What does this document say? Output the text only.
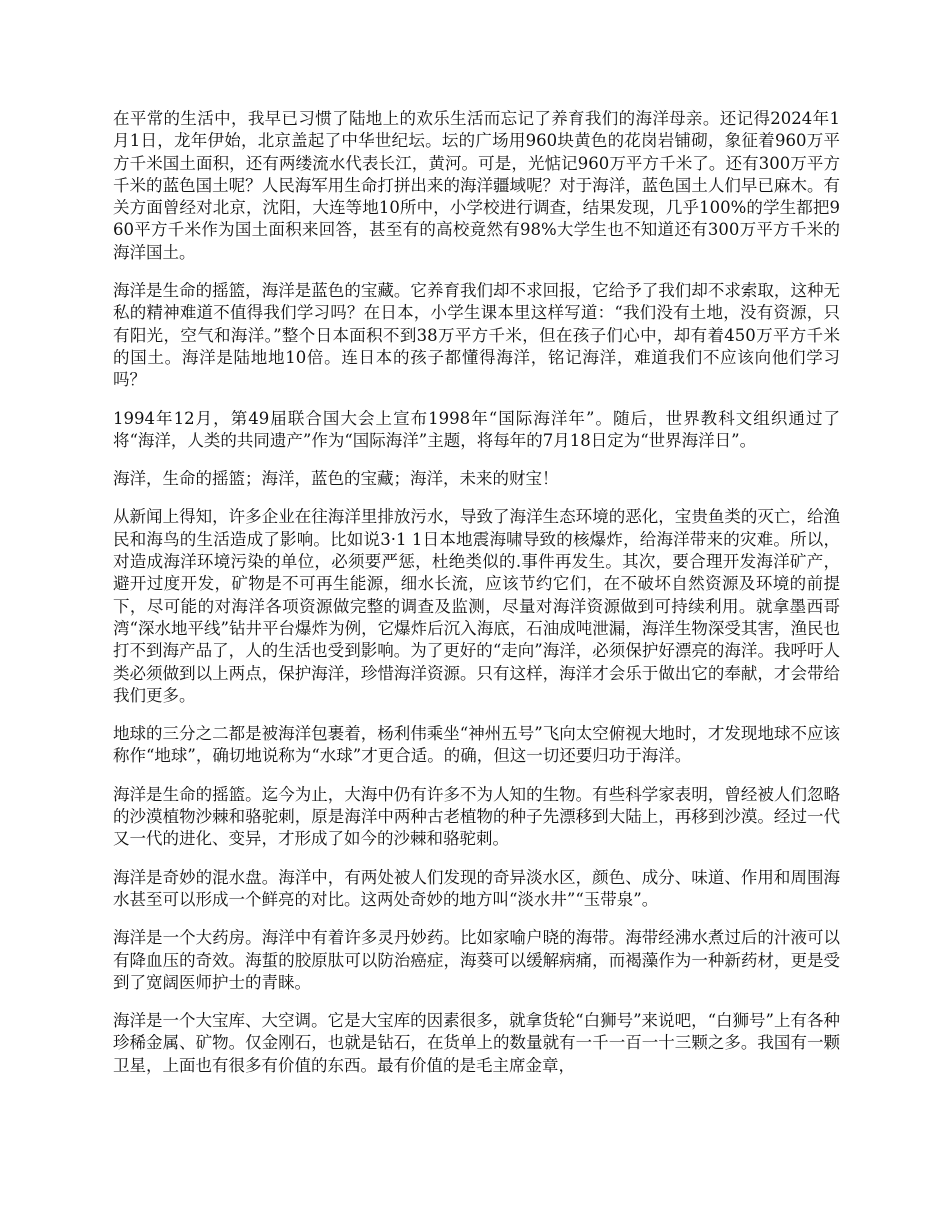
在平常的生活中，我早已习惯了陆地上的欢乐生活而忘记了养育我们的海洋母亲。还记得2024年1月1日，龙年伊始，北京盖起了中华世纪坛。坛的广场用960块黄色的花岗岩铺砌，象征着960万平方千米国土面积，还有两缕流水代表长江，黄河。可是，光惦记960万平方千米了。还有300万平方千米的蓝色国土呢？人民海军用生命打拼出来的海洋疆域呢？对于海洋，蓝色国土人们早已麻木。有关方面曾经对北京，沈阳，大连等地10所中，小学校进行调查，结果发现，几乎100%的学生都把960平方千米作为国土面积来回答，甚至有的高校竟然有98%大学生也不知道还有300万平方千米的海洋国土。

海洋是生命的摇篮，海洋是蓝色的宝藏。它养育我们却不求回报，它给予了我们却不求索取，这种无私的精神难道不值得我们学习吗？在日本，小学生课本里这样写道：“我们没有土地，没有资源，只有阳光，空气和海洋。”整个日本面积不到38万平方千米，但在孩子们心中，却有着450万平方千米的国土。海洋是陆地地10倍。连日本的孩子都懂得海洋，铭记海洋，难道我们不应该向他们学习吗？

1994年12月，第49届联合国大会上宣布1998年“国际海洋年”。随后，世界教科文组织通过了将“海洋，人类的共同遗产”作为“国际海洋”主题，将每年的7月18日定为“世界海洋日”。

海洋，生命的摇篮；海洋，蓝色的宝藏；海洋，未来的财宝！

从新闻上得知，许多企业在往海洋里排放污水，导致了海洋生态环境的恶化，宝贵鱼类的灭亡，给渔民和海鸟的生活造成了影响。比如说3·1 1日本地震海啸导致的核爆炸，给海洋带来的灾难。所以，对造成海洋环境污染的单位，必须要严惩，杜绝类似的.事件再发生。其次，要合理开发海洋矿产，避开过度开发，矿物是不可再生能源，细水长流，应该节约它们，在不破坏自然资源及环境的前提下，尽可能的对海洋各项资源做完整的调查及监测，尽量对海洋资源做到可持续利用。就拿墨西哥湾“深水地平线”钻井平台爆炸为例，它爆炸后沉入海底，石油成吨泄漏，海洋生物深受其害，渔民也打不到海产品了，人的生活也受到影响。为了更好的“走向”海洋，必须保护好漂亮的海洋。我呼吁人类必须做到以上两点，保护海洋，珍惜海洋资源。只有这样，海洋才会乐于做出它的奉献，才会带给我们更多。

地球的三分之二都是被海洋包裹着，杨利伟乘坐“神州五号”飞向太空俯视大地时，才发现地球不应该称作“地球”，确切地说称为“水球”才更合适。的确，但这一切还要归功于海洋。

海洋是生命的摇篮。迄今为止，大海中仍有许多不为人知的生物。有些科学家表明，曾经被人们忽略的沙漠植物沙棘和骆驼刺，原是海洋中两种古老植物的种子先漂移到大陆上，再移到沙漠。经过一代又一代的进化、变异，才形成了如今的沙棘和骆驼刺。

海洋是奇妙的混水盘。海洋中，有两处被人们发现的奇异淡水区，颜色、成分、味道、作用和周围海水甚至可以形成一个鲜亮的对比。这两处奇妙的地方叫“淡水井”“玉带泉”。

海洋是一个大药房。海洋中有着许多灵丹妙药。比如家喻户晓的海带。海带经沸水煮过后的汁液可以有降血压的奇效。海蜇的胶原肽可以防治癌症，海葵可以缓解病痛，而褐藻作为一种新药材，更是受到了宽阔医师护士的青睐。

海洋是一个大宝库、大空调。它是大宝库的因素很多，就拿货轮“白狮号”来说吧，“白狮号”上有各种珍稀金属、矿物。仅金刚石，也就是钻石，在货单上的数量就有一千一百一十三颗之多。我国有一颗卫星，上面也有很多有价值的东西。最有价值的是毛主席金章，
